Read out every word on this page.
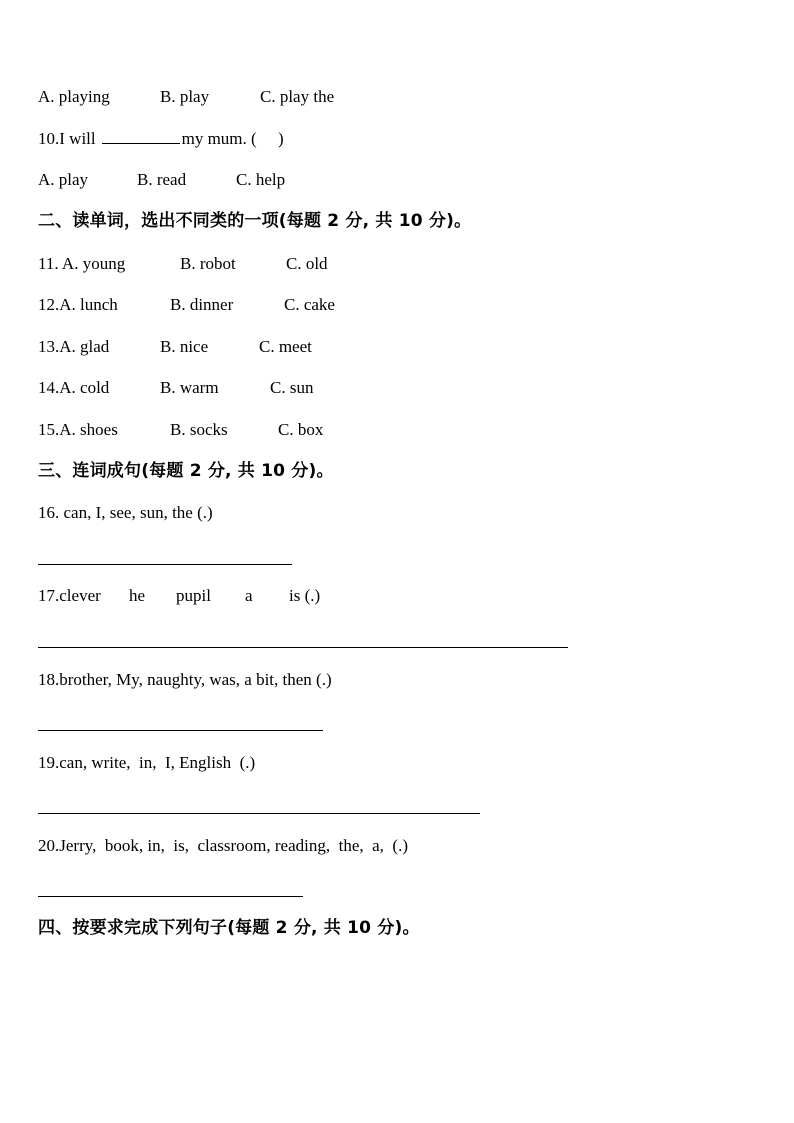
A. playing

	B. play

	C. play the

10.I will	my mum. (     )

A. play

	B. read

	C. help

二、读单词，选出不同类的一项(每题 2 分, 共 10 分)。

11. A. young

	B. robot

	C. old

12.A. lunch

	B. dinner

	C. cake

13.A. glad

	B. nice

	C. meet

14.A. cold

	B. warm

	C. sun

15.A. shoes

	B. socks

	C. box

三、连词成句(每题 2 分, 共 10 分)。
16. can, I, see, sun, the (.)

17.clever

he

pupil

a

is (.)

18.brother, My, naughty, was, a bit, then (.)
19.can, write,  in,  I, English  (.)
20.Jerry,  book, in,  is,  classroom, reading,  the,  a,  (.)
四、按要求完成下列句子(每题 2 分, 共 10 分)。
